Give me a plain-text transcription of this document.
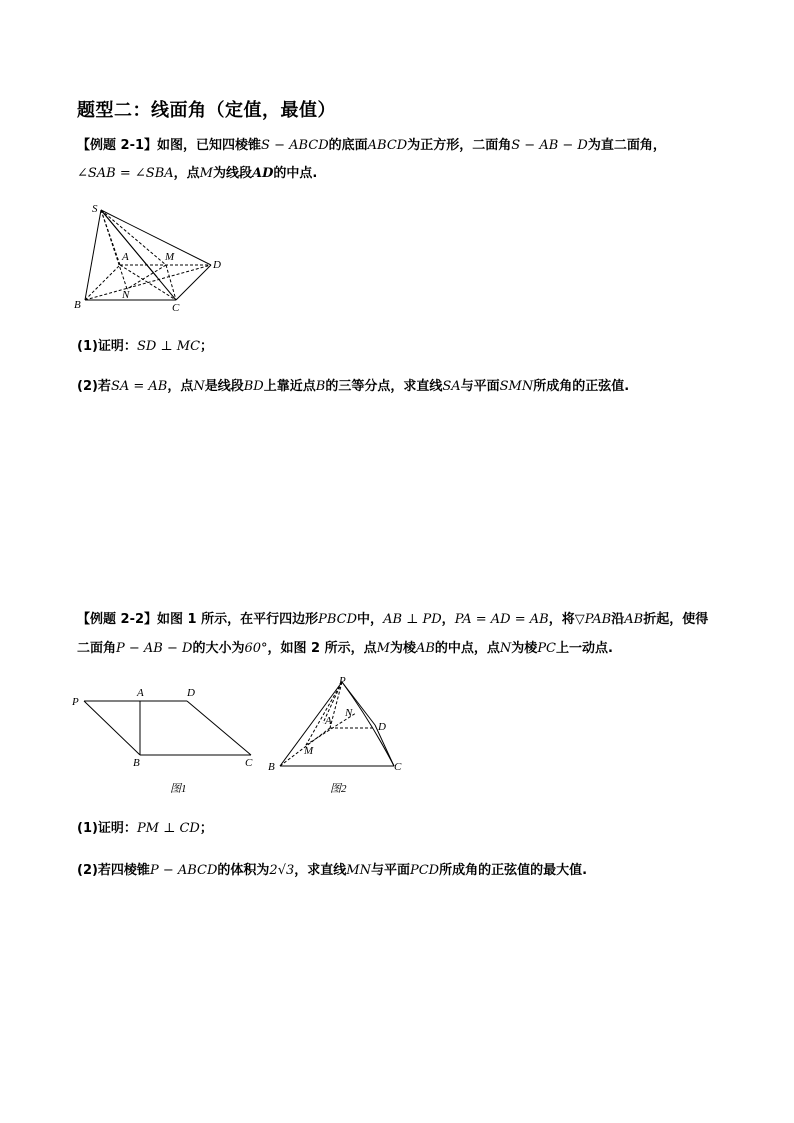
题型二：线面角（定值，最值）
【例题 2-1】如图，已知四棱锥S − ABCD的底面ABCD为正方形，二面角S − AB − D为直二面角，
∠SAB = ∠SBA，点M为线段AD的中点.
S
A	M
D
N
B	C
(1)证明：SD ⊥ MC；
(2)若SA = AB，点N是线段BD上靠近点B的三等分点，求直线SA与平面SMN所成角的正弦值.
【例题 2-2】如图 1 所示，在平行四边形PBCD中，AB ⊥ PD，PA = AD = AB，将▽PAB沿AB折起，使得
二面角P − AB − D的大小为60°，如图 2 所示，点M为棱AB的中点，点N为棱PC上一动点.
P
A	D
B	C
图1
P
N
A	D
M
B	C
图2
(1)证明：PM ⊥ CD；
(2)若四棱锥P − ABCD的体积为2√3，求直线MN与平面PCD所成角的正弦值的最大值.
